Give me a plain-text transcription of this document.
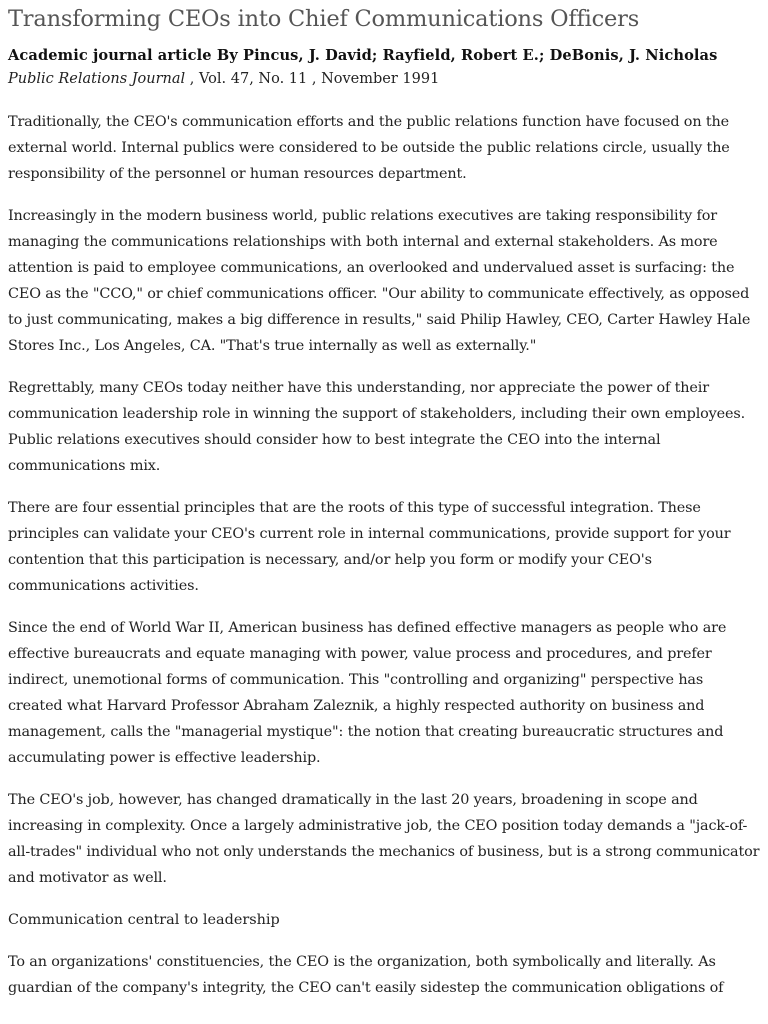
Transforming CEOs into Chief Communications Officers
Academic journal article By Pincus, J. David; Rayfield, Robert E.; DeBonis, J. Nicholas
Public Relations Journal , Vol. 47, No. 11 , November 1991

Traditionally, the CEO's communication efforts and the public relations function have focused on the external world. Internal publics were considered to be outside the public relations circle, usually the responsibility of the personnel or human resources department.

Increasingly in the modern business world, public relations executives are taking responsibility for managing the communications relationships with both internal and external stakeholders. As more attention is paid to employee communications, an overlooked and undervalued asset is surfacing: the CEO as the "CCO," or chief communications officer. "Our ability to communicate effectively, as opposed to just communicating, makes a big difference in results," said Philip Hawley, CEO, Carter Hawley Hale Stores Inc., Los Angeles, CA. "That's true internally as well as externally."

Regrettably, many CEOs today neither have this understanding, nor appreciate the power of their communication leadership role in winning the support of stakeholders, including their own employees. Public relations executives should consider how to best integrate the CEO into the internal communications mix.

There are four essential principles that are the roots of this type of successful integration. These principles can validate your CEO's current role in internal communications, provide support for your contention that this participation is necessary, and/or help you form or modify your CEO's communications activities.

Since the end of World War II, American business has defined effective managers as people who are effective bureaucrats and equate managing with power, value process and procedures, and prefer indirect, unemotional forms of communication. This "controlling and organizing" perspective has created what Harvard Professor Abraham Zaleznik, a highly respected authority on business and management, calls the "managerial mystique": the notion that creating bureaucratic structures and accumulating power is effective leadership.

The CEO's job, however, has changed dramatically in the last 20 years, broadening in scope and increasing in complexity. Once a largely administrative job, the CEO position today demands a "jack-of-all-trades" individual who not only understands the mechanics of business, but is a strong communicator and motivator as well.

Communication central to leadership

To an organizations' constituencies, the CEO is the organization, both symbolically and literally. As guardian of the company's integrity, the CEO can't easily sidestep the communication obligations of
